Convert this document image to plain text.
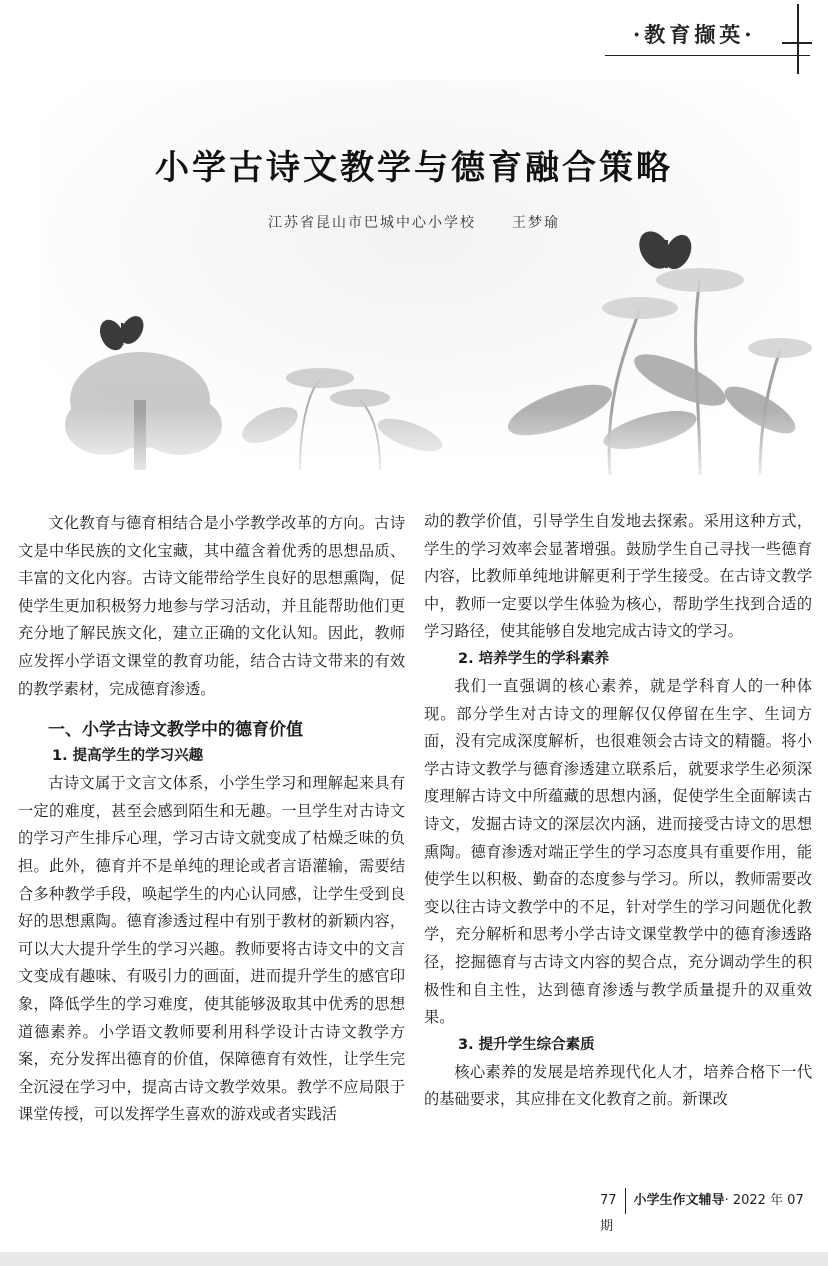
·教育撷英·
小学古诗文教学与德育融合策略
江苏省昆山市巴城中心小学校	王梦瑜

文化教育与德育相结合是小学教学改革的方向。古诗文是中华民族的文化宝藏，其中蕴含着优秀的思想品质、丰富的文化内容。古诗文能带给学生良好的思想熏陶，促使学生更加积极努力地参与学习活动，并且能帮助他们更充分地了解民族文化，建立正确的文化认知。因此，教师应发挥小学语文课堂的教育功能，结合古诗文带来的有效的教学素材，完成德育渗透。

一、小学古诗文教学中的德育价值
1. 提高学生的学习兴趣

古诗文属于文言文体系，小学生学习和理解起来具有一定的难度，甚至会感到陌生和无趣。一旦学生对古诗文的学习产生排斥心理，学习古诗文就变成了枯燥乏味的负担。此外，德育并不是单纯的理论或者言语灌输，需要结合多种教学手段，唤起学生的内心认同感，让学生受到良好的思想熏陶。德育渗透过程中有别于教材的新颖内容，可以大大提升学生的学习兴趣。教师要将古诗文中的文言文变成有趣味、有吸引力的画面，进而提升学生的感官印象，降低学生的学习难度，使其能够汲取其中优秀的思想道德素养。小学语文教师要利用科学设计古诗文教学方案，充分发挥出德育的价值，保障德育有效性，让学生完全沉浸在学习中，提高古诗文教学效果。教学不应局限于课堂传授，可以发挥学生喜欢的游戏或者实践活

动的教学价值，引导学生自发地去探索。采用这种方式，学生的学习效率会显著增强。鼓励学生自己寻找一些德育内容，比教师单纯地讲解更利于学生接受。在古诗文教学中，教师一定要以学生体验为核心，帮助学生找到合适的学习路径，使其能够自发地完成古诗文的学习。

2. 培养学生的学科素养

我们一直强调的核心素养，就是学科育人的一种体现。部分学生对古诗文的理解仅仅停留在生字、生词方面，没有完成深度解析，也很难领会古诗文的精髓。将小学古诗文教学与德育渗透建立联系后，就要求学生必须深度理解古诗文中所蕴藏的思想内涵，促使学生全面解读古诗文，发掘古诗文的深层次内涵，进而接受古诗文的思想熏陶。德育渗透对端正学生的学习态度具有重要作用，能使学生以积极、勤奋的态度参与学习。所以，教师需要改变以往古诗文教学中的不足，针对学生的学习问题优化教学，充分解析和思考小学古诗文课堂教学中的德育渗透路径，挖掘德育与古诗文内容的契合点，充分调动学生的积极性和自主性，达到德育渗透与教学质量提升的双重效果。

3. 提升学生综合素质

核心素养的发展是培养现代化人才，培养合格下一代的基础要求，其应排在文化教育之前。新课改

77 小学生作文辅导· 2022 年 07 期
